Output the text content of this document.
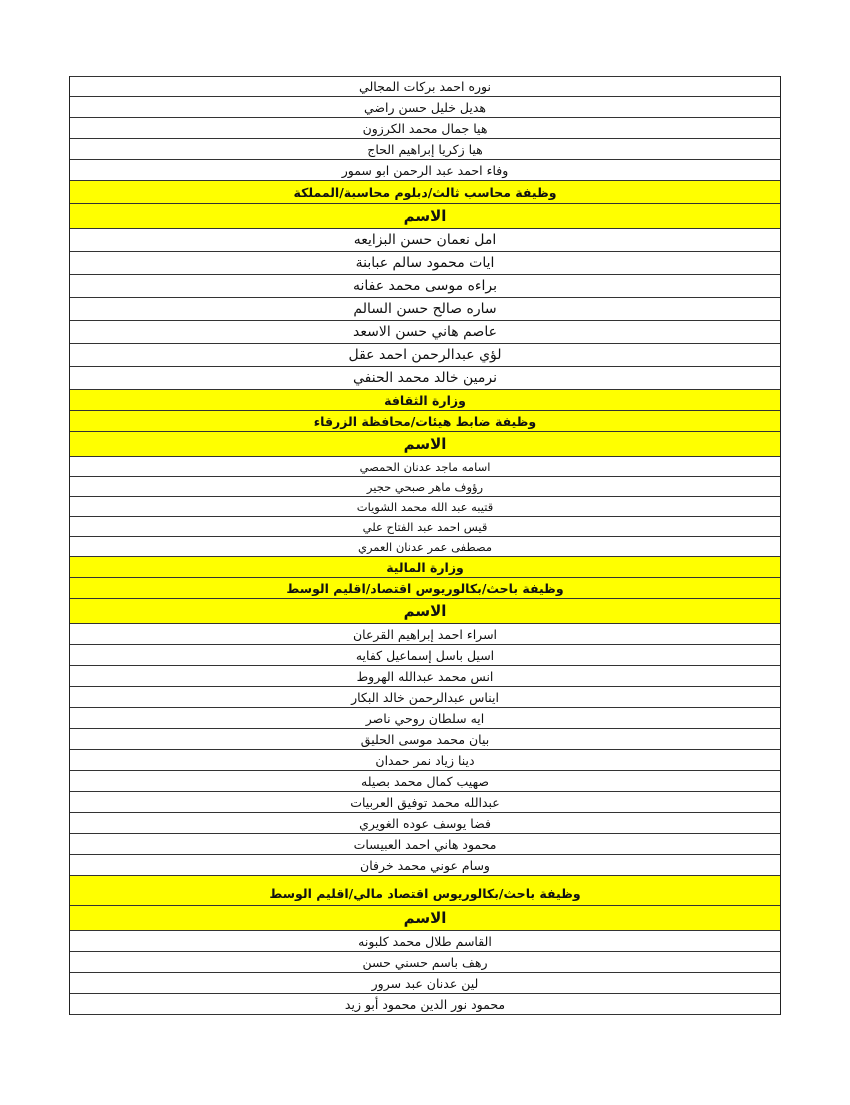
نوره احمد بركات المجالي
هديل خليل حسن راضي
هيا جمال محمد الكرزون
هيا زكريا إبراهيم الحاج
وفاء احمد عبد الرحمن ابو سمور
وظيفة محاسب ثالث/دبلوم محاسبة/المملكة
الاسم
امل نعمان حسن البزايعه
ايات محمود سالم عبابنة
براءه موسى محمد عفانه
ساره صالح حسن السالم
عاصم هاني حسن الاسعد
لؤي عبدالرحمن احمد عقل
نرمين خالد محمد الحنفي
وزارة الثقافة
وظيفة ضابط هيئات/محافظة الزرقاء
الاسم
اسامه ماجد عدنان الحمصي
رؤوف ماهر صبحي حجير
قتيبه عبد الله محمد الشويات
قيس احمد عبد الفتاح علي
مصطفى عمر عدنان العمري
وزارة المالية
وظيفة باحث/بكالوريوس اقتصاد/اقليم الوسط
الاسم
اسراء احمد إبراهيم القرعان
اسيل باسل إسماعيل كفايه
انس محمد عبدالله الهروط
ايناس عبدالرحمن خالد البكار
ايه سلطان روحي ناصر
بيان محمد موسى الحليق
دينا زياد نمر حمدان
صهيب كمال محمد بصيله
عبدالله محمد توفيق العربيات
فضا يوسف عوده الغويري
محمود هاني احمد العبيسات
وسام عوني محمد خرفان
وظيفة باحث/بكالوريوس اقتصاد مالي/اقليم الوسط
الاسم
القاسم طلال محمد كلبونه
رهف باسم حسني حسن
لين عدنان عبد سرور
محمود نور الدين محمود أبو زيد
